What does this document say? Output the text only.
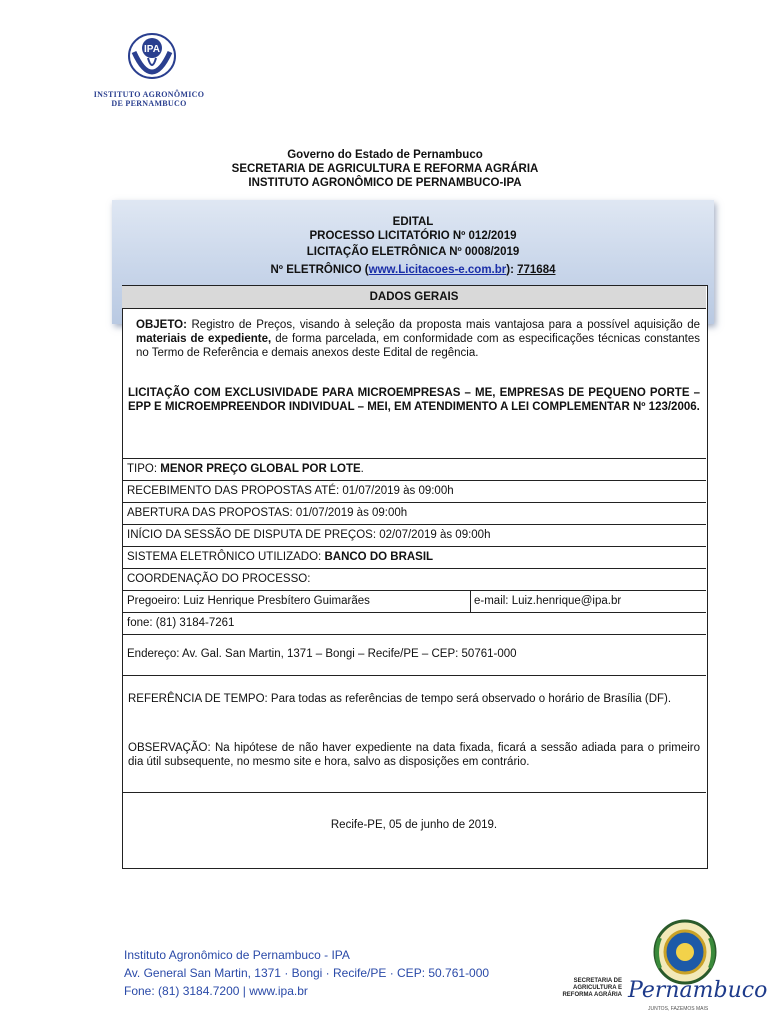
IPA
INSTITUTO AGRONÔMICO
DE PERNAMBUCO
Governo do Estado de Pernambuco
SECRETARIA DE AGRICULTURA E REFORMA AGRÁRIA
INSTITUTO AGRONÔMICO DE PERNAMBUCO-IPA
EDITAL
PROCESSO LICITATÓRIO Nº 012/2019
LICITAÇÃO ELETRÔNICA Nº 0008/2019
Nº ELETRÔNICO (www.Licitacoes-e.com.br): 771684
DADOS GERAIS
OBJETO: Registro de Preços, visando à seleção da proposta mais vantajosa para a possível aquisição de materiais de expediente, de forma parcelada, em conformidade com as especificações técnicas constantes no Termo de Referência e demais anexos deste Edital de regência.
LICITAÇÃO COM EXCLUSIVIDADE PARA MICROEMPRESAS – ME, EMPRESAS DE PEQUENO PORTE – EPP E MICROEMPREENDOR INDIVIDUAL – MEI, EM ATENDIMENTO A LEI COMPLEMENTAR Nº 123/2006.
TIPO: MENOR PREÇO GLOBAL POR LOTE.
RECEBIMENTO DAS PROPOSTAS ATÉ: 01/07/2019 às 09:00h
ABERTURA DAS PROPOSTAS: 01/07/2019 às 09:00h
INÍCIO DA SESSÃO DE DISPUTA DE PREÇOS: 02/07/2019 às 09:00h
SISTEMA ELETRÔNICO UTILIZADO: BANCO DO BRASIL
COORDENAÇÃO DO PROCESSO:
Pregoeiro: Luiz Henrique Presbítero Guimarães	e-mail: Luiz.henrique@ipa.br
fone: (81) 3184-7261
Endereço: Av. Gal. San Martin, 1371 – Bongi – Recife/PE – CEP: 50761-000
REFERÊNCIA DE TEMPO: Para todas as referências de tempo será observado o horário de Brasília (DF).
OBSERVAÇÃO: Na hipótese de não haver expediente na data fixada, ficará a sessão adiada para o primeiro dia útil subsequente, no mesmo site e hora, salvo as disposições em contrário.
Recife-PE, 05 de junho de 2019.
Instituto Agronômico de Pernambuco - IPA
Av. General San Martin, 1371 · Bongi · Recife/PE · CEP: 50.761-000
Fone: (81) 3184.7200 | www.ipa.br
SECRETARIA DE AGRICULTURA E REFORMA AGRÁRIA Pernambuco
JUNTOS, FAZEMOS MAIS
